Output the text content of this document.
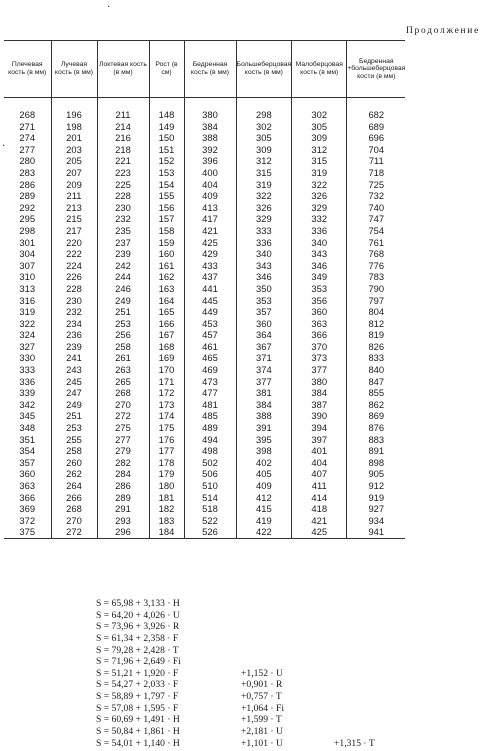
·
Продолжение
Плечевая кость (в мм)	Лучевая кость (в мм)	Локтевая кость (в мм)	Рост (в см)	Бедренная кость (в мм)	Большеберцовая кость (в мм)	Малоберцовая кость (в мм)	Бедренная +большеберцовая кости (в мм)
268	196	211	148	380	298	302	682
271	198	214	149	384	302	305	689
274	201	216	150	388	305	309	696
277	203	218	151	392	309	312	704
280	205	221	152	396	312	315	711
283	207	223	153	400	315	319	718
286	209	225	154	404	319	322	725
289	211	228	155	409	322	326	732
292	213	230	156	413	326	329	740
295	215	232	157	417	329	332	747
298	217	235	158	421	333	336	754
301	220	237	159	425	336	340	761
304	222	239	160	429	340	343	768
307	224	242	161	433	343	346	776
310	226	244	162	437	346	349	783
313	228	246	163	441	350	353	790
316	230	249	164	445	353	356	797
319	232	251	165	449	357	360	804
322	234	253	166	453	360	363	812
324	236	256	167	457	364	366	819
327	239	258	168	461	367	370	826
330	241	261	169	465	371	373	833
333	243	263	170	469	374	377	840
336	245	265	171	473	377	380	847
339	247	268	172	477	381	384	855
342	249	270	173	481	384	387	862
345	251	272	174	485	388	390	869
348	253	275	175	489	391	394	876
351	255	277	176	494	395	397	883
354	258	279	177	498	398	401	891
357	260	282	178	502	402	404	898
360	262	284	179	506	405	407	905
363	264	286	180	510	409	411	912
366	266	289	181	514	412	414	919
369	268	291	182	518	415	418	927
372	270	293	183	522	419	421	934
375	272	296	184	526	422	425	941
·
S = 65,98 + 3,133 · H
S = 64,20 + 4,026 · U
S = 73,96 + 3,926 · R
S = 61,34 + 2,358 · F
S = 79,28 + 2,428 · T
S = 71,96 + 2,649 · Fi
S = 51,21 + 1,920 · F	+1,152 · U
S = 54,27 + 2,033 · F	+0,901 · R
S = 58,89 + 1,797 · F	+0,757 · T
S = 57,08 + 1,595 · F	+1,064 · Fi
S = 60,69 + 1,491 · H	+1,599 · T
S = 50,84 + 1,861 · H	+2,181 · U
S = 54,01 + 1,140 · H	+1,101 · U	+1,315 · T
